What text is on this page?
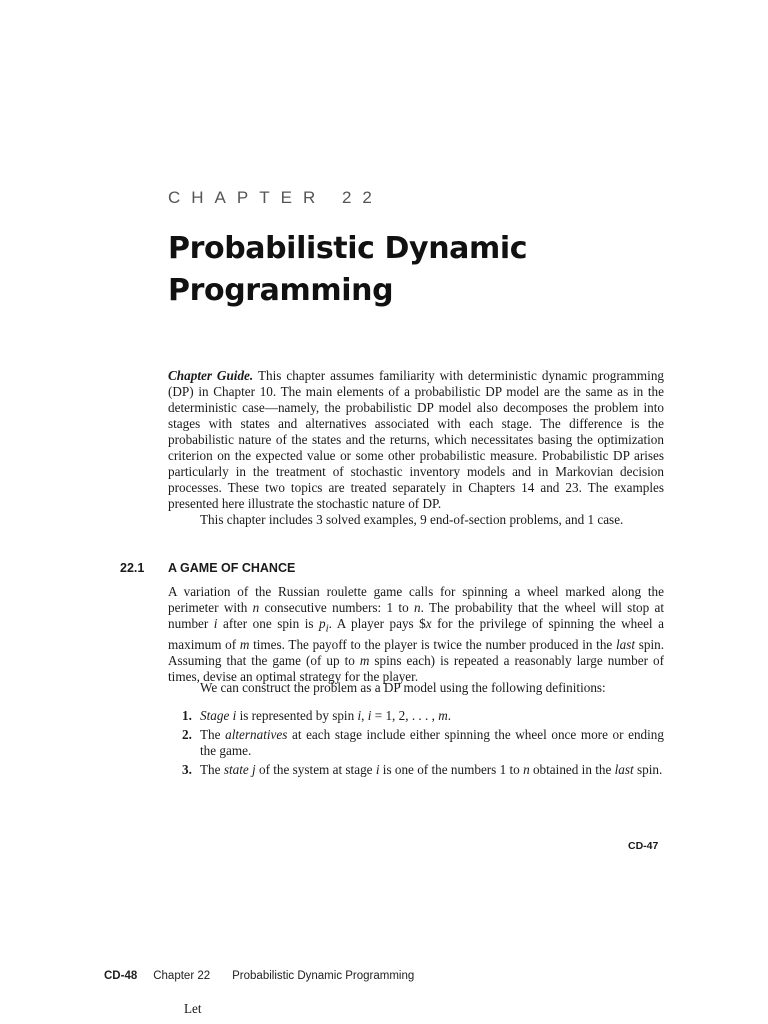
CHAPTER 22
Probabilistic Dynamic Programming

Chapter Guide. This chapter assumes familiarity with deterministic dynamic programming (DP) in Chapter 10. The main elements of a probabilistic DP model are the same as in the deterministic case—namely, the probabilistic DP model also decomposes the problem into stages with states and alternatives associated with each stage. The difference is the probabilistic nature of the states and the returns, which necessitates basing the optimization criterion on the expected value or some other probabilistic measure. Probabilistic DP arises particularly in the treatment of stochastic inventory models and in Markovian decision processes. These two topics are treated separately in Chapters 14 and 23. The examples presented here illustrate the stochastic nature of DP.

This chapter includes 3 solved examples, 9 end-of-section problems, and 1 case.

22.1 A GAME OF CHANCE

A variation of the Russian roulette game calls for spinning a wheel marked along the perimeter with n consecutive numbers: 1 to n. The probability that the wheel will stop at number i after one spin is $p_i$. A player pays $x for the privilege of spinning the wheel a maximum of m times. The payoff to the player is twice the number produced in the last spin. Assuming that the game (of up to m spins each) is repeated a reasonably large number of times, devise an optimal strategy for the player.

We can construct the problem as a DP model using the following definitions:

1. Stage i is represented by spin i, i = 1, 2, . . . , m.
2. The alternatives at each stage include either spinning the wheel once more or ending the game.
3. The state j of the system at stage i is one of the numbers 1 to n obtained in the last spin.
CD-47
CD-48 Chapter 22 Probabilistic Dynamic Programming
Let
